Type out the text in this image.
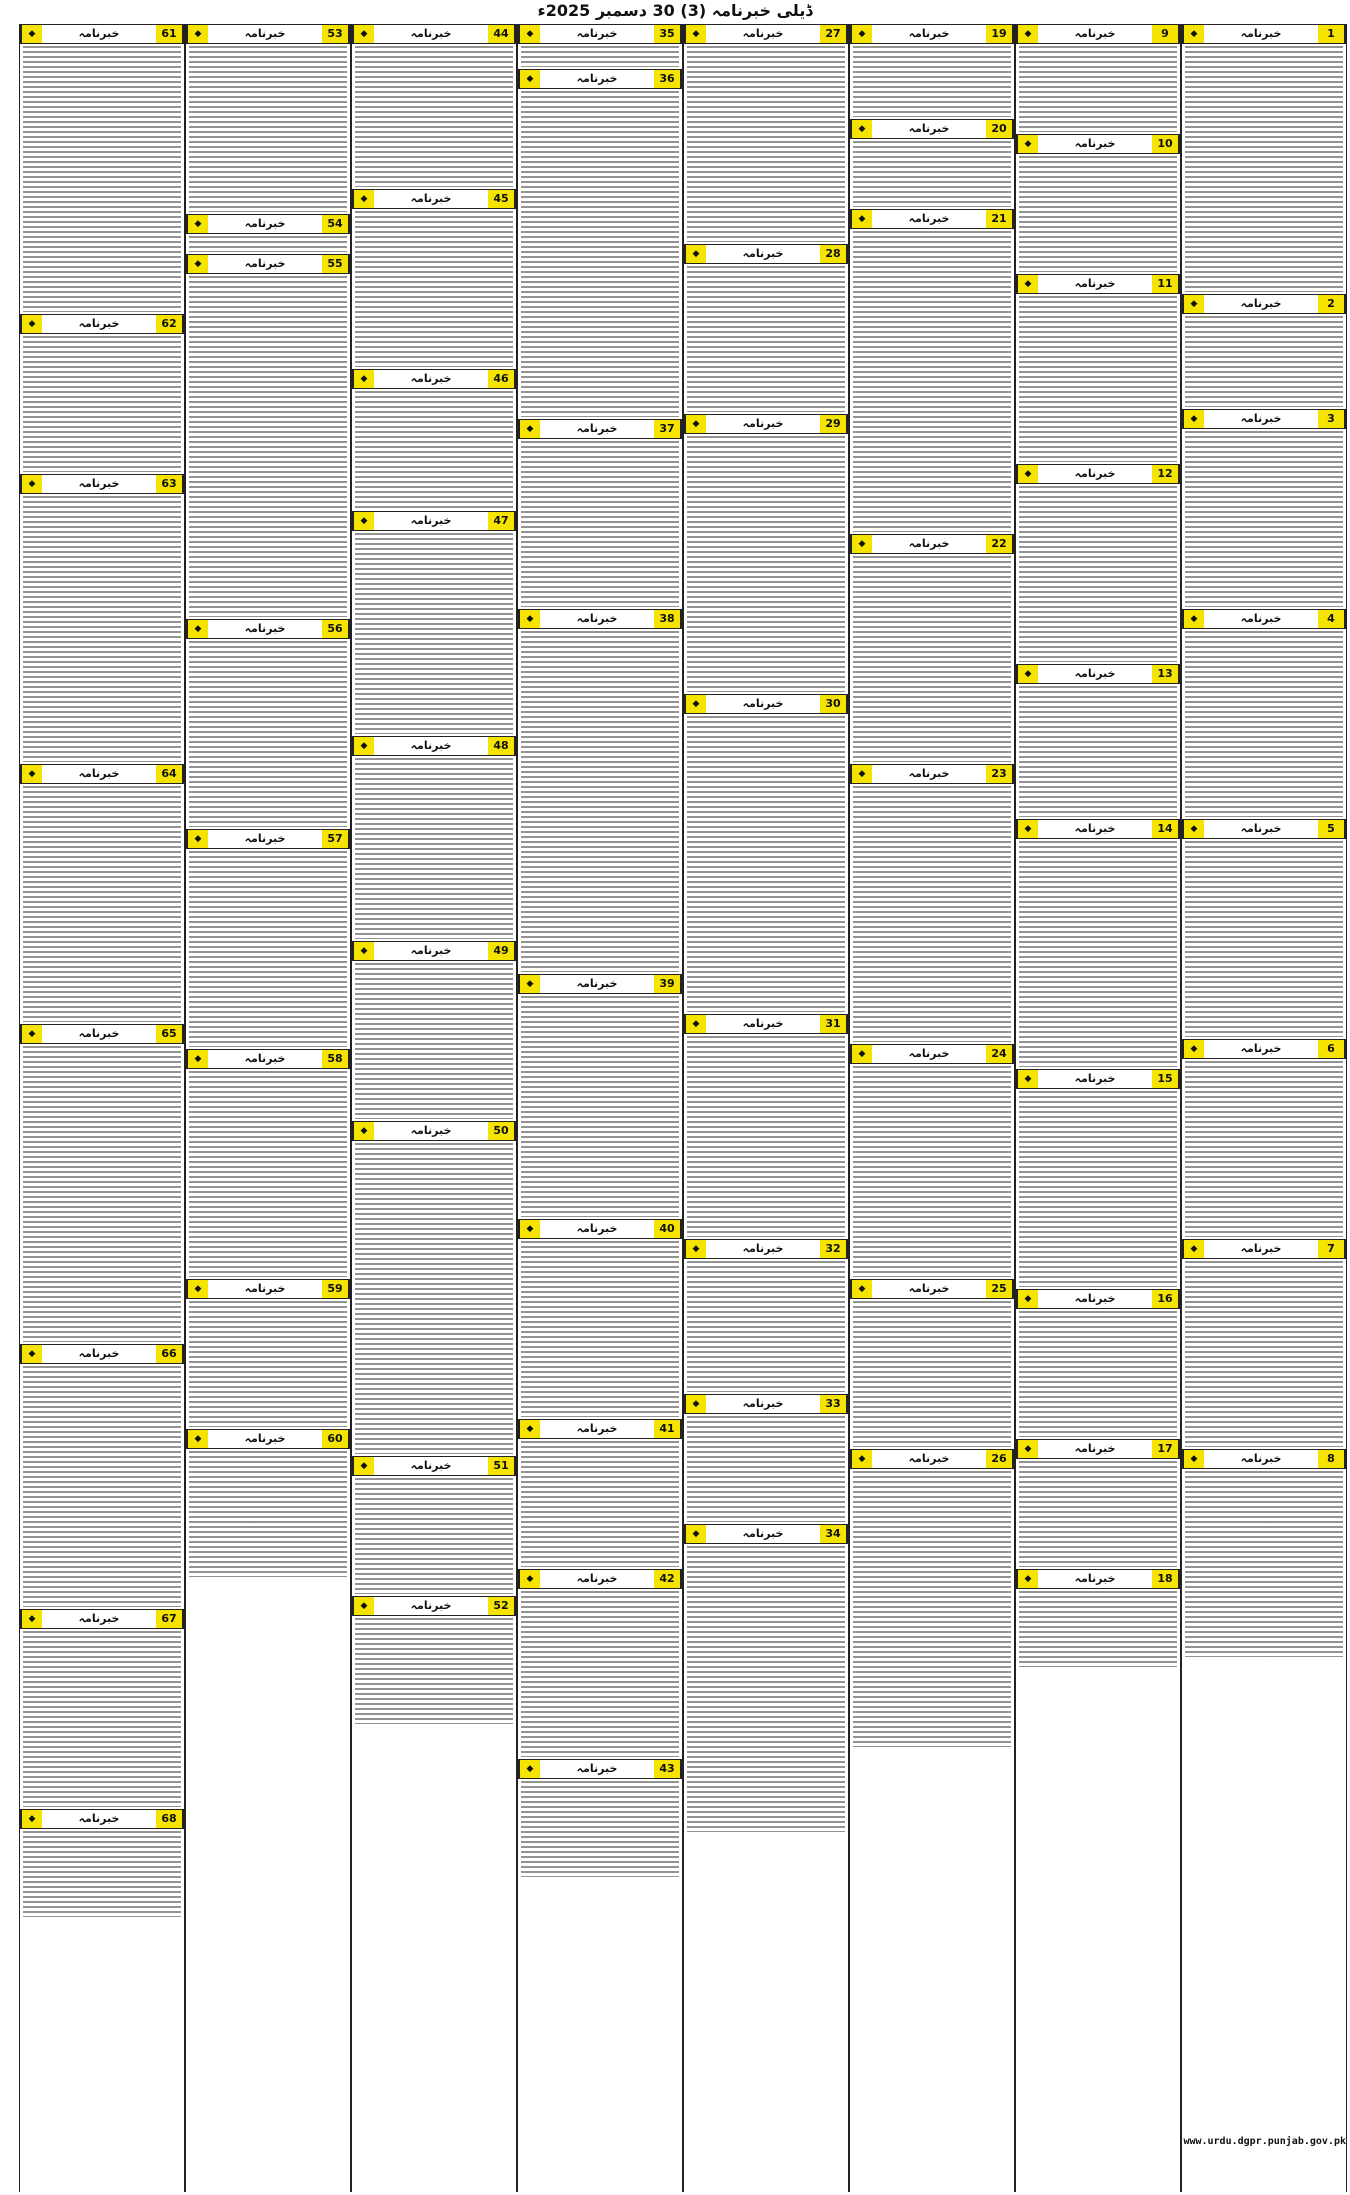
ڈیلی خبرنامہ (3) 30 دسمبر 2025ء
1
خبرنامہ
◆
2
خبرنامہ
◆
3
خبرنامہ
◆
4
خبرنامہ
◆
5
خبرنامہ
◆
6
خبرنامہ
◆
7
خبرنامہ
◆
8
خبرنامہ
◆
9
خبرنامہ
◆
10
خبرنامہ
◆
11
خبرنامہ
◆
12
خبرنامہ
◆
13
خبرنامہ
◆
14
خبرنامہ
◆
15
خبرنامہ
◆
16
خبرنامہ
◆
17
خبرنامہ
◆
18
خبرنامہ
◆
19
خبرنامہ
◆
20
خبرنامہ
◆
21
خبرنامہ
◆
22
خبرنامہ
◆
23
خبرنامہ
◆
24
خبرنامہ
◆
25
خبرنامہ
◆
26
خبرنامہ
◆
27
خبرنامہ
◆
28
خبرنامہ
◆
29
خبرنامہ
◆
30
خبرنامہ
◆
31
خبرنامہ
◆
32
خبرنامہ
◆
33
خبرنامہ
◆
34
خبرنامہ
◆
35
خبرنامہ
◆
36
خبرنامہ
◆
37
خبرنامہ
◆
38
خبرنامہ
◆
39
خبرنامہ
◆
40
خبرنامہ
◆
41
خبرنامہ
◆
42
خبرنامہ
◆
43
خبرنامہ
◆
44
خبرنامہ
◆
45
خبرنامہ
◆
46
خبرنامہ
◆
47
خبرنامہ
◆
48
خبرنامہ
◆
49
خبرنامہ
◆
50
خبرنامہ
◆
51
خبرنامہ
◆
52
خبرنامہ
◆
53
خبرنامہ
◆
54
خبرنامہ
◆
55
خبرنامہ
◆
56
خبرنامہ
◆
57
خبرنامہ
◆
58
خبرنامہ
◆
59
خبرنامہ
◆
60
خبرنامہ
◆
61
خبرنامہ
◆
62
خبرنامہ
◆
63
خبرنامہ
◆
64
خبرنامہ
◆
65
خبرنامہ
◆
66
خبرنامہ
◆
67
خبرنامہ
◆
68
خبرنامہ
◆
www.urdu.dgpr.punjab.gov.pk
